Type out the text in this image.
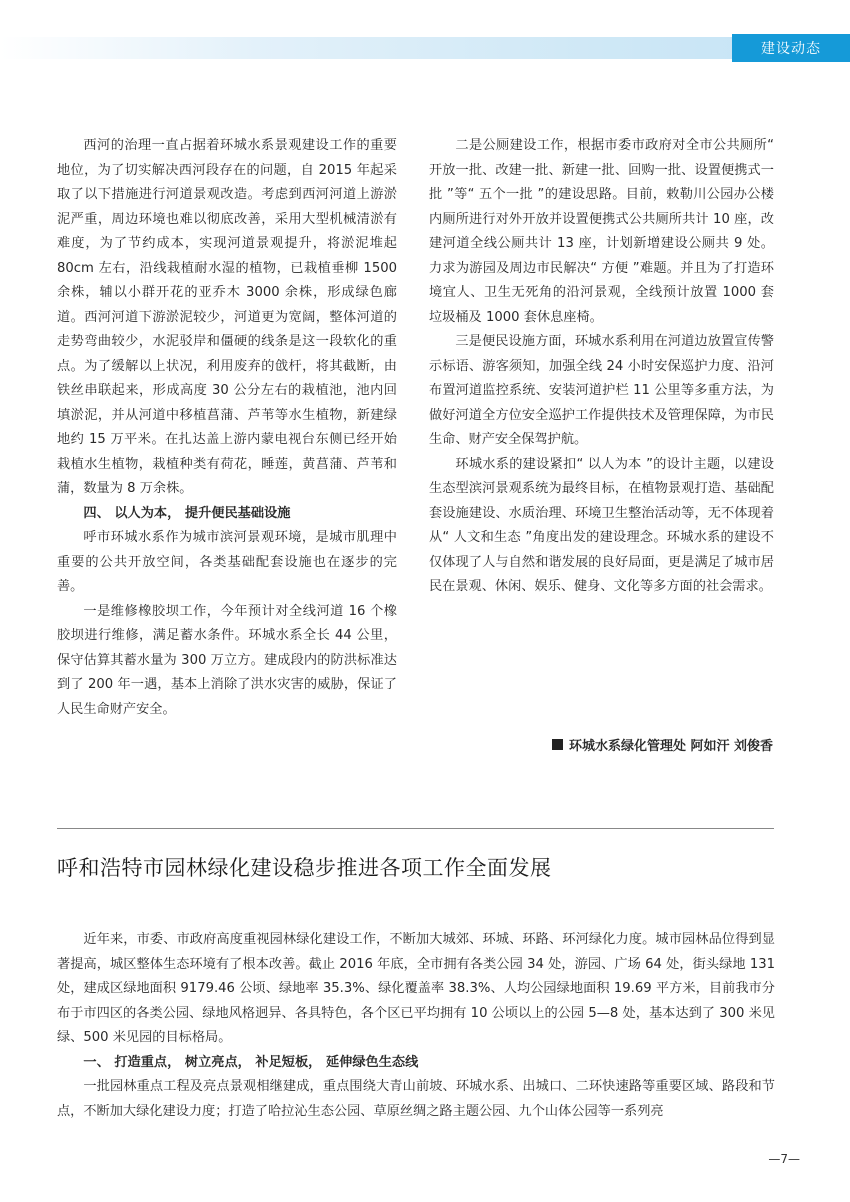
建设动态

西河的治理一直占据着环城水系景观建设工作的重要地位，为了切实解决西河段存在的问题，自 2015 年起采取了以下措施进行河道景观改造。考虑到西河河道上游淤泥严重，周边环境也难以彻底改善，采用大型机械清淤有难度，为了节约成本，实现河道景观提升，将淤泥堆起 80cm 左右，沿线栽植耐水湿的植物，已栽植垂柳 1500 余株，辅以小群开花的亚乔木 3000 余株，形成绿色廊道。西河河道下游淤泥较少，河道更为宽阔，整体河道的走势弯曲较少，水泥驳岸和僵硬的线条是这一段软化的重点。为了缓解以上状况，利用废弃的戗杆，将其截断，由铁丝串联起来，形成高度 30 公分左右的栽植池，池内回填淤泥，并从河道中移植菖蒲、芦苇等水生植物，新建绿地约 15 万平米。在扎达盖上游内蒙电视台东侧已经开始栽植水生植物，栽植种类有荷花，睡莲，黄菖蒲、芦苇和蒲，数量为 8 万余株。

四、 以人为本， 提升便民基础设施

呼市环城水系作为城市滨河景观环境，是城市肌理中重要的公共开放空间，各类基础配套设施也在逐步的完善。

一是维修橡胶坝工作，今年预计对全线河道 16 个橡胶坝进行维修，满足蓄水条件。环城水系全长 44 公里，保守估算其蓄水量为 300 万立方。建成段内的防洪标准达到了 200 年一遇，基本上消除了洪水灾害的威胁，保证了人民生命财产安全。

二是公厕建设工作，根据市委市政府对全市公共厕所“ 开放一批、改建一批、新建一批、回购一批、设置便携式一批 ”等“ 五个一批 ”的建设思路。目前，敕勒川公园办公楼内厕所进行对外开放并设置便携式公共厕所共计 10 座，改建河道全线公厕共计 13 座，计划新增建设公厕共 9 处。力求为游园及周边市民解决“ 方便 ”难题。并且为了打造环境宜人、卫生无死角的沿河景观，全线预计放置 1000 套垃圾桶及 1000 套休息座椅。

三是便民设施方面，环城水系利用在河道边放置宣传警示标语、游客须知，加强全线 24 小时安保巡护力度、沿河布置河道监控系统、安装河道护栏 11 公里等多重方法，为做好河道全方位安全巡护工作提供技术及管理保障，为市民生命、财产安全保驾护航。

环城水系的建设紧扣“ 以人为本 ”的设计主题，以建设生态型滨河景观系统为最终目标，在植物景观打造、基础配套设施建设、水质治理、环境卫生整治活动等，无不体现着从“ 人文和生态 ”角度出发的建设理念。环城水系的建设不仅体现了人与自然和谐发展的良好局面，更是满足了城市居民在景观、休闲、娱乐、健身、文化等多方面的社会需求。

环城水系绿化管理处 阿如汗 刘俊香
呼和浩特市园林绿化建设稳步推进各项工作全面发展

近年来，市委、市政府高度重视园林绿化建设工作，不断加大城郊、环城、环路、环河绿化力度。城市园林品位得到显著提高，城区整体生态环境有了根本改善。截止 2016 年底，全市拥有各类公园 34 处，游园、广场 64 处，街头绿地 131 处，建成区绿地面积 9179.46 公顷、绿地率 35.3%、绿化覆盖率 38.3%、人均公园绿地面积 19.69 平方米，目前我市分布于市四区的各类公园、绿地风格迥异、各具特色，各个区已平均拥有 10 公顷以上的公园 5—8 处，基本达到了 300 米见绿、500 米见园的目标格局。

一、 打造重点， 树立亮点， 补足短板， 延伸绿色生态线

一批园林重点工程及亮点景观相继建成，重点围绕大青山前坡、环城水系、出城口、二环快速路等重要区域、路段和节点，不断加大绿化建设力度；打造了哈拉沁生态公园、草原丝绸之路主题公园、九个山体公园等一系列亮

—7—
